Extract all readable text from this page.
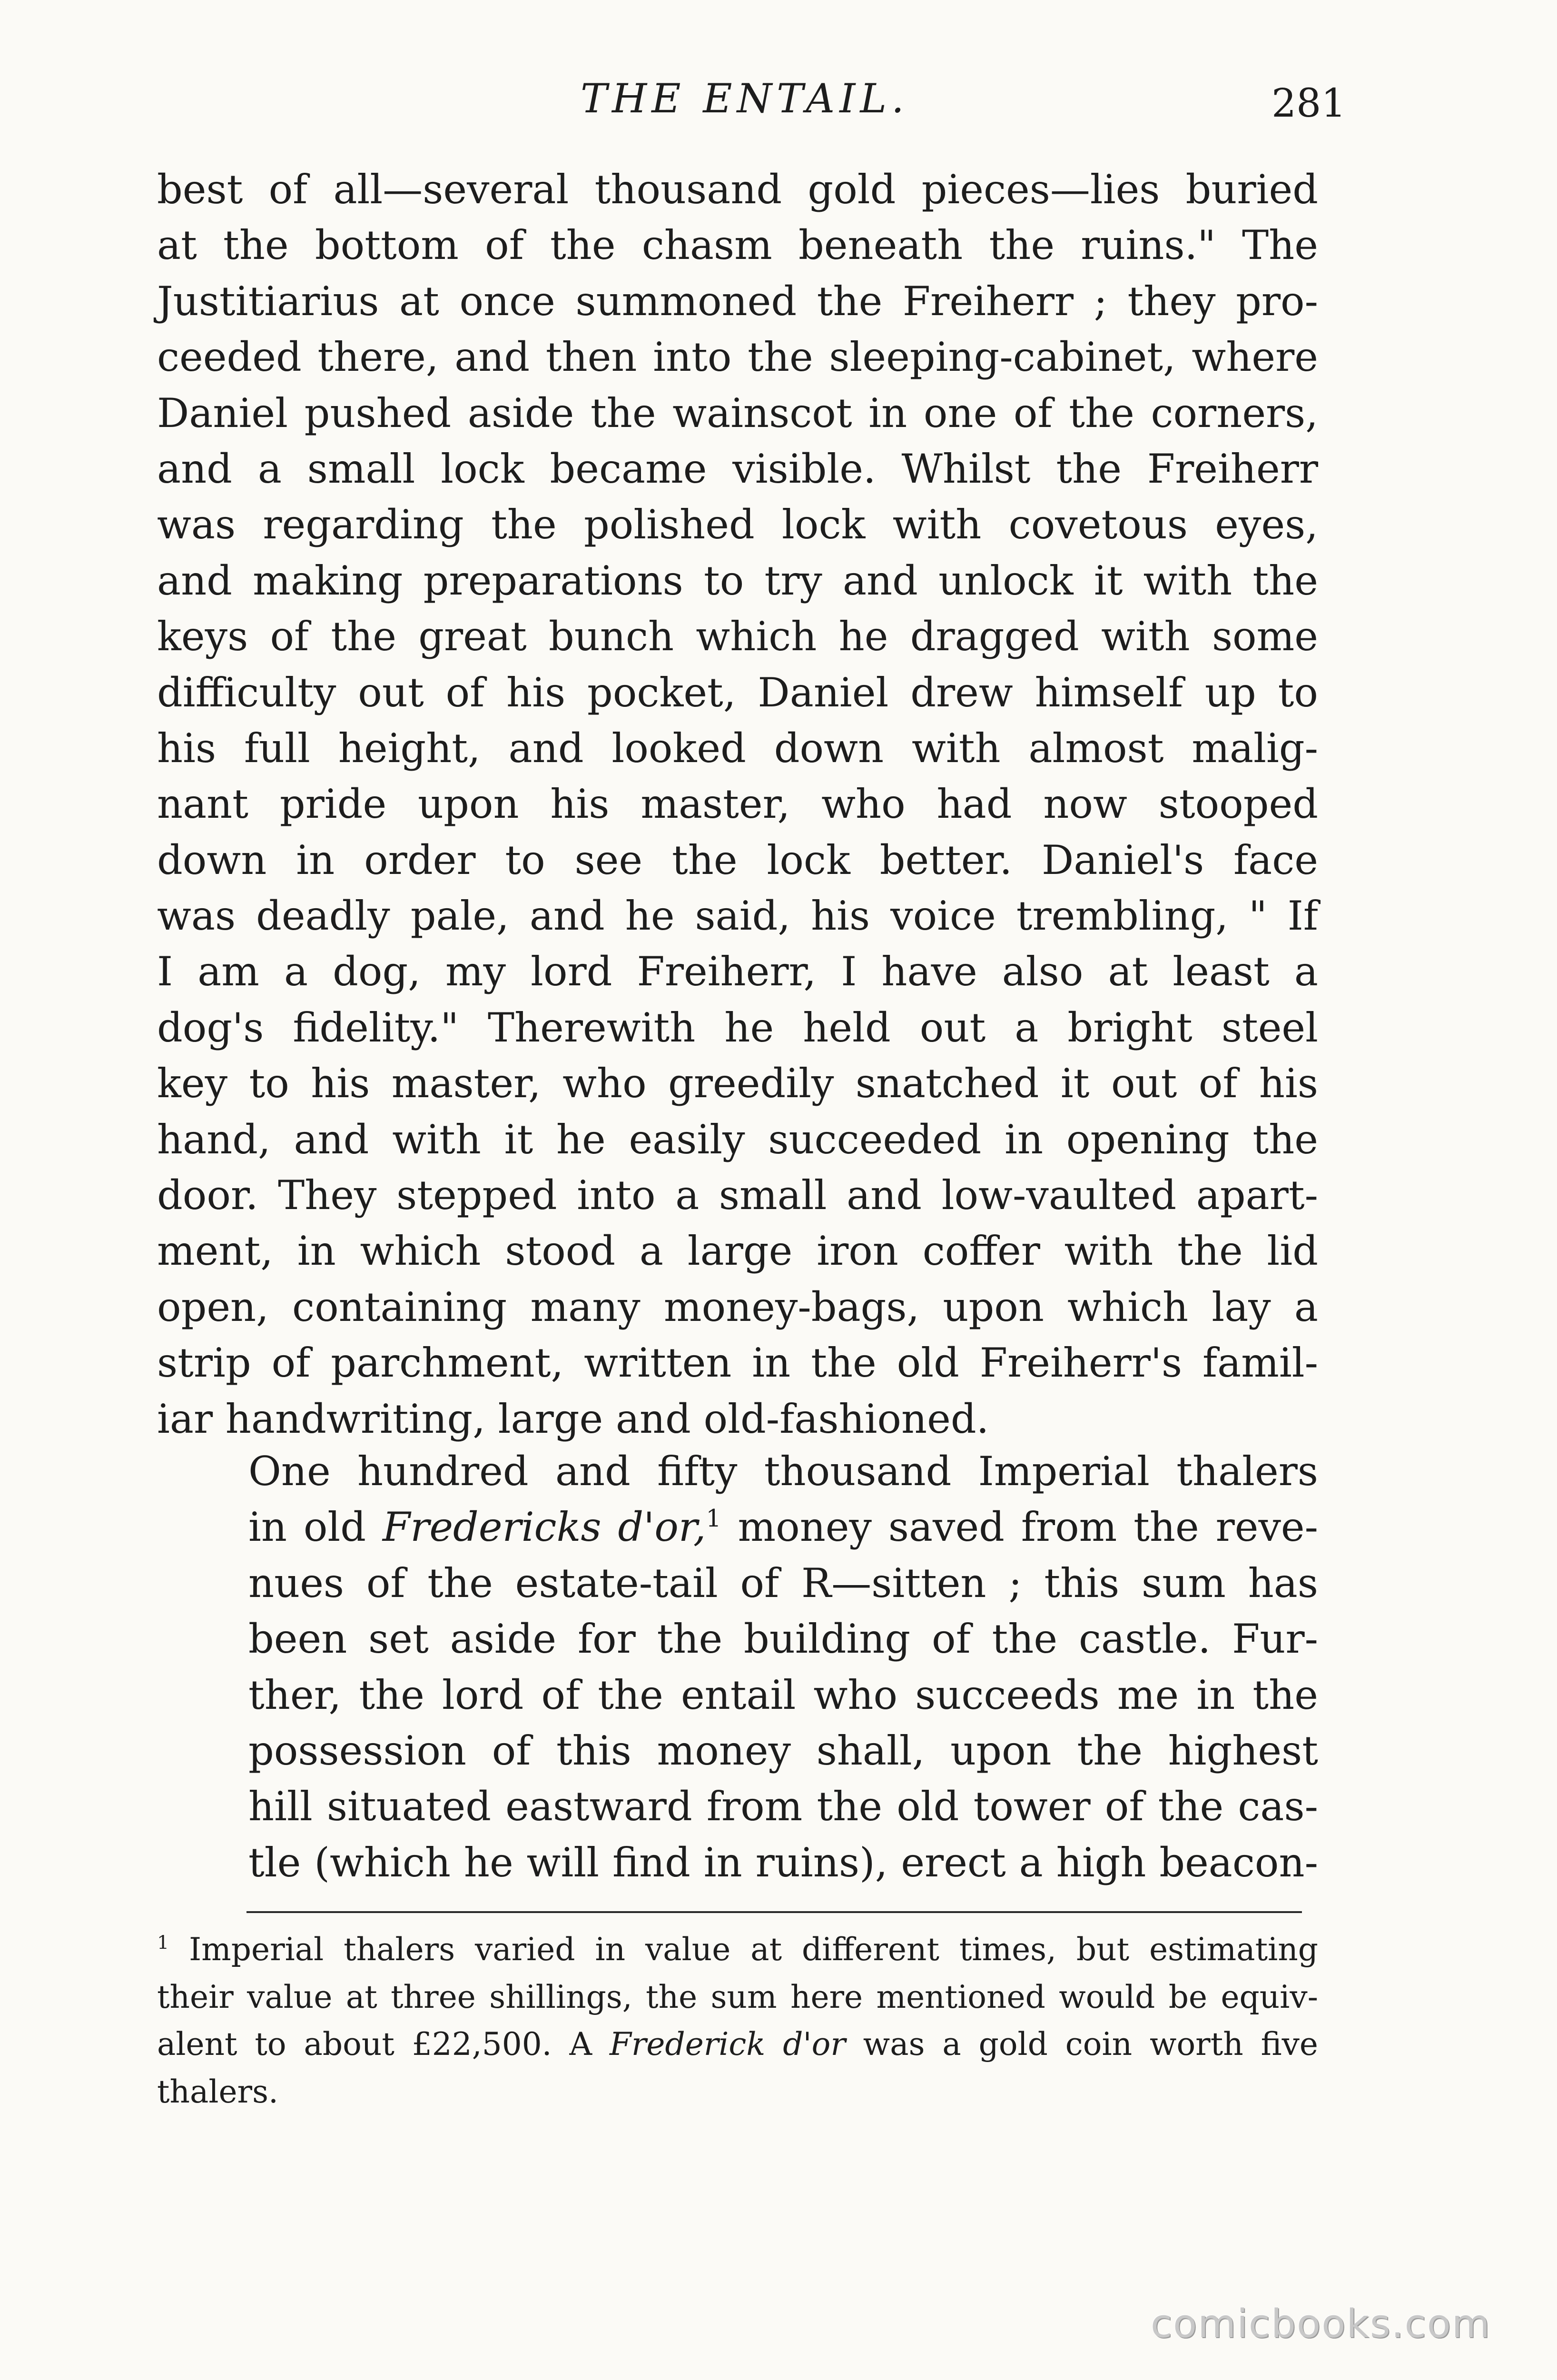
THE ENTAIL.	281

best of all—several thousand gold pieces—lies buried
at the bottom of the chasm beneath the ruins." The
Justitiarius at once summoned the Freiherr ; they pro-
ceeded there, and then into the sleeping-cabinet, where
Daniel pushed aside the wainscot in one of the corners,
and a small lock became visible. Whilst the Freiherr
was regarding the polished lock with covetous eyes,
and making preparations to try and unlock it with the
keys of the great bunch which he dragged with some
difficulty out of his pocket, Daniel drew himself up to
his full height, and looked down with almost malig-
nant pride upon his master, who had now stooped
down in order to see the lock better. Daniel's face
was deadly pale, and he said, his voice trembling, " If
I am a dog, my lord Freiherr, I have also at least a
dog's fidelity." Therewith he held out a bright steel
key to his master, who greedily snatched it out of his
hand, and with it he easily succeeded in opening the
door. They stepped into a small and low-vaulted apart-
ment, in which stood a large iron coffer with the lid
open, containing many money-bags, upon which lay a
strip of parchment, written in the old Freiherr's famil-
iar handwriting, large and old-fashioned.

One hundred and fifty thousand Imperial thalers
in old Fredericks d'or,$^1$ money saved from the reve-
nues of the estate-tail of R—sitten ; this sum has
been set aside for the building of the castle. Fur-
ther, the lord of the entail who succeeds me in the
possession of this money shall, upon the highest
hill situated eastward from the old tower of the cas-
tle (which he will find in ruins), erect a high beacon-

$^1$ Imperial thalers varied in value at different times, but estimating
their value at three shillings, the sum here mentioned would be equiv-
alent to about £22,500. A Frederick d'or was a gold coin worth five
thalers.
comicbooks.com
